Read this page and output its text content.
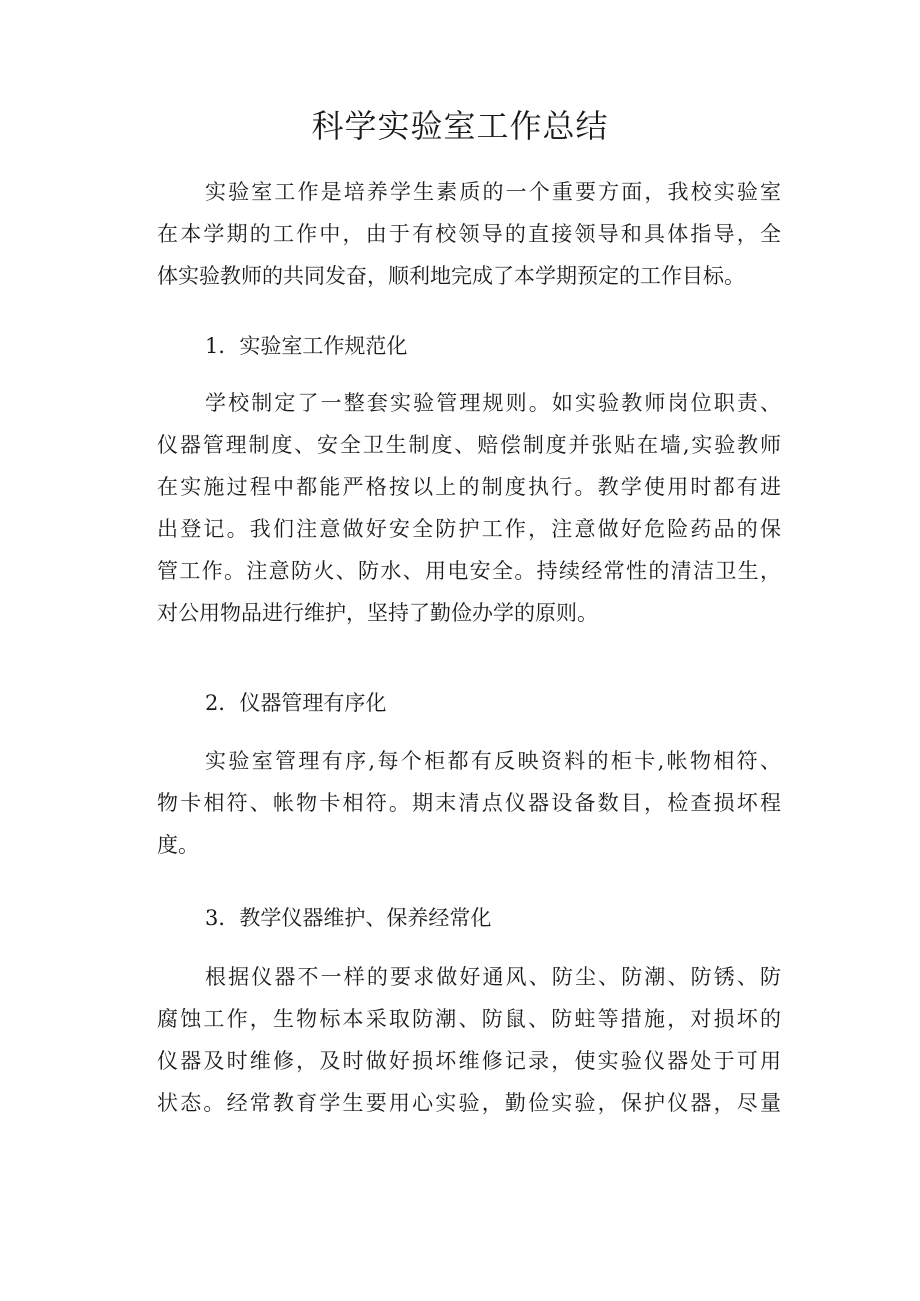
科学实验室工作总结
实验室工作是培养学生素质的一个重要方面，我校实验室
在本学期的工作中，由于有校领导的直接领导和具体指导，全
体实验教师的共同发奋，顺利地完成了本学期预定的工作目标。
1．实验室工作规范化
学校制定了一整套实验管理规则。如实验教师岗位职责、
仪器管理制度、安全卫生制度、赔偿制度并张贴在墙,实验教师
在实施过程中都能严格按以上的制度执行。教学使用时都有进
出登记。我们注意做好安全防护工作，注意做好危险药品的保
管工作。注意防火、防水、用电安全。持续经常性的清洁卫生，
对公用物品进行维护，坚持了勤俭办学的原则。
2．仪器管理有序化
实验室管理有序,每个柜都有反映资料的柜卡,帐物相符、
物卡相符、帐物卡相符。期末清点仪器设备数目，检查损坏程
度。
3．教学仪器维护、保养经常化
根据仪器不一样的要求做好通风、防尘、防潮、防锈、防
腐蚀工作，生物标本采取防潮、防鼠、防蛀等措施，对损坏的
仪器及时维修，及时做好损坏维修记录，使实验仪器处于可用
状态。经常教育学生要用心实验，勤俭实验，保护仪器，尽量
